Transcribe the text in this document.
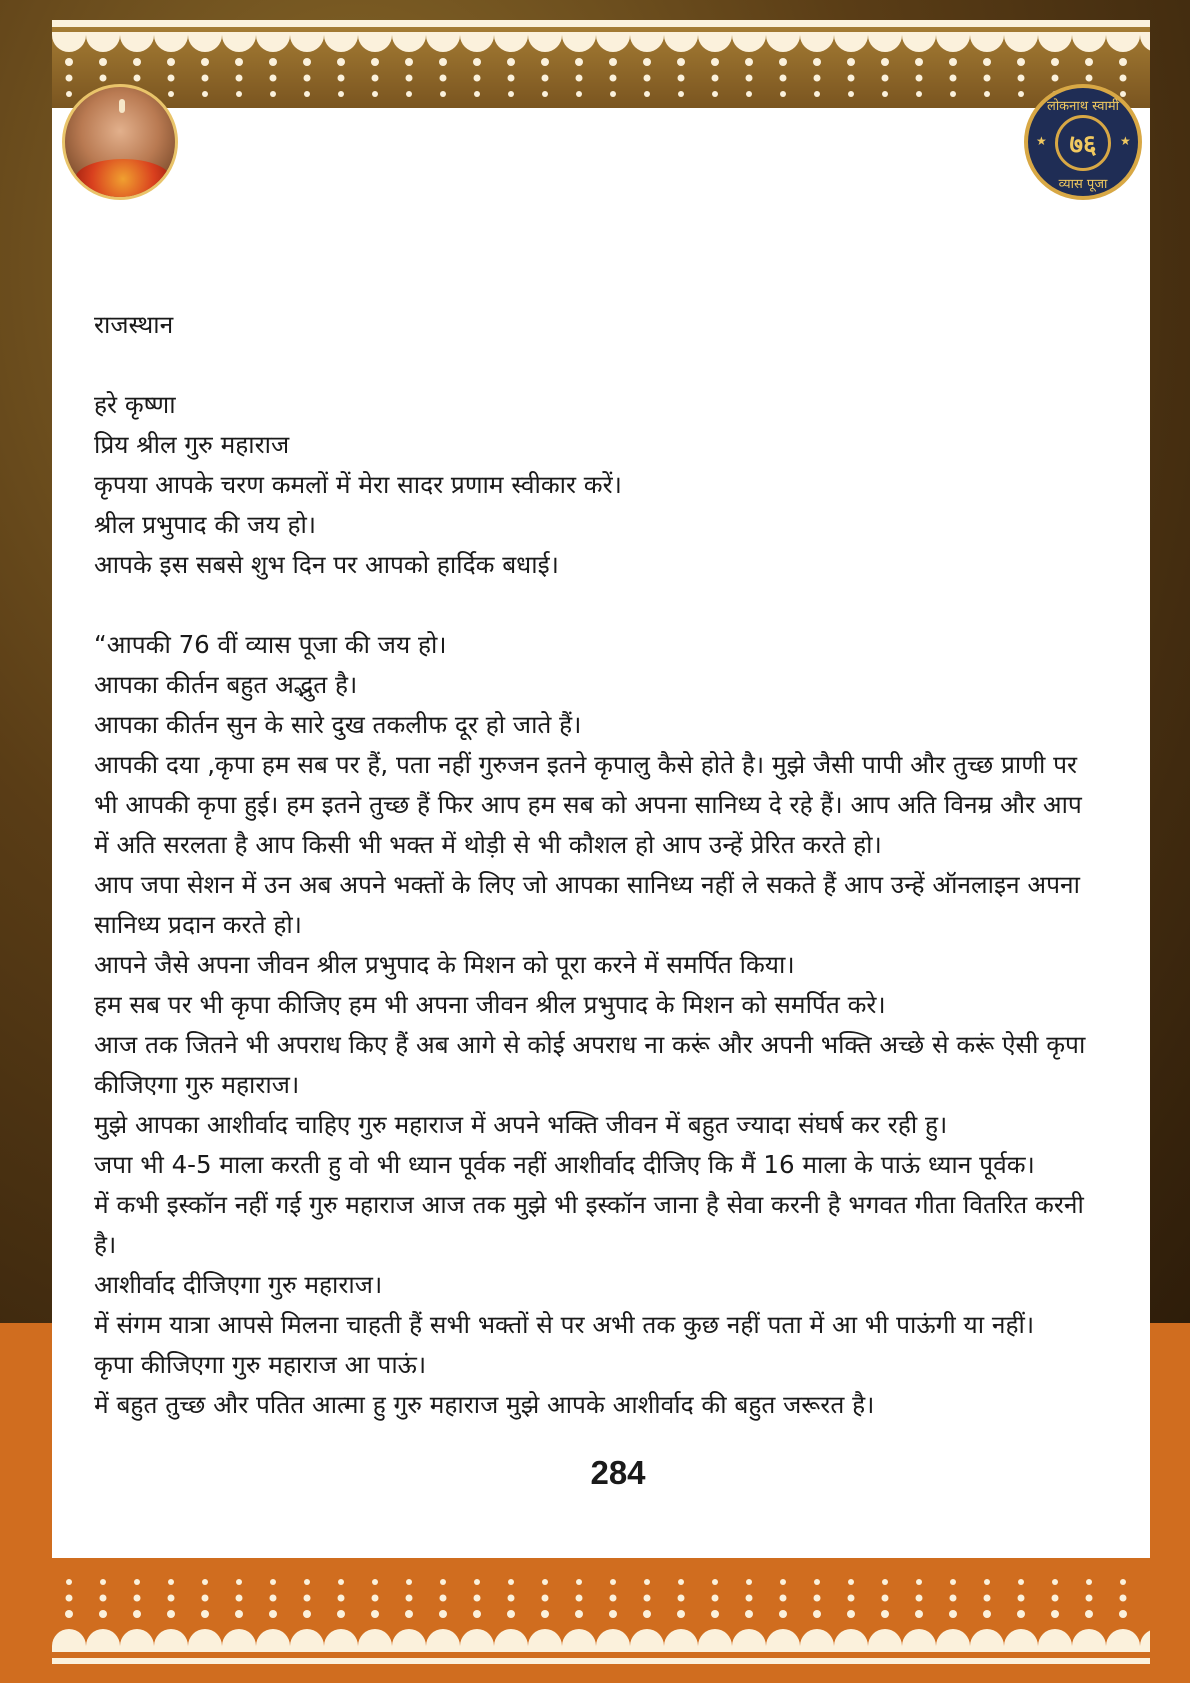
लोकनाथ स्वामी
★ ७६	★
व्यास पूजा

राजस्थान

हरे कृष्णा

प्रिय श्रील गुरु महाराज

कृपया आपके चरण कमलों में मेरा सादर प्रणाम स्वीकार करें।

श्रील प्रभुपाद की जय हो।

आपके इस सबसे शुभ दिन पर आपको हार्दिक बधाई।

“आपकी 76 वीं व्यास पूजा की जय हो।

आपका कीर्तन बहुत अद्भुत है।

आपका कीर्तन सुन के सारे दुख तकलीफ दूर हो जाते हैं।

आपकी दया ,कृपा हम सब पर हैं, पता नहीं गुरुजन इतने कृपालु कैसे होते है। मुझे जैसी पापी और तुच्छ प्राणी पर भी आपकी कृपा हुई। हम इतने तुच्छ हैं फिर आप हम सब को अपना सानिध्य दे रहे हैं। आप अति विनम्र और आप में अति सरलता है आप किसी भी भक्त में थोड़ी से भी कौशल हो आप उन्हें प्रेरित करते हो।

आप जपा सेशन में उन अब अपने भक्तों के लिए जो आपका सानिध्य नहीं ले सकते हैं आप उन्हें ऑनलाइन अपना सानिध्य प्रदान करते हो।

आपने जैसे अपना जीवन श्रील प्रभुपाद के मिशन को पूरा करने में समर्पित किया।

हम सब पर भी कृपा कीजिए हम भी अपना जीवन श्रील प्रभुपाद के मिशन को समर्पित करे।

आज तक जितने भी अपराध किए हैं अब आगे से कोई अपराध ना करूं और अपनी भक्ति अच्छे से करूं ऐसी कृपा कीजिएगा गुरु महाराज।

मुझे आपका आशीर्वाद चाहिए गुरु महाराज में अपने भक्ति जीवन में बहुत ज्यादा संघर्ष कर रही हु।

जपा भी 4-5 माला करती हु वो भी ध्यान पूर्वक नहीं आशीर्वाद दीजिए कि मैं 16 माला के पाऊं ध्यान पूर्वक।

में कभी इस्कॉन नहीं गई गुरु महाराज आज तक मुझे भी इस्कॉन जाना है सेवा करनी है भगवत गीता वितरित करनी है।

आशीर्वाद दीजिएगा गुरु महाराज।

में संगम यात्रा आपसे मिलना चाहती हैं सभी भक्तों से पर अभी तक कुछ नहीं पता में आ भी पाऊंगी या नहीं।

कृपा कीजिएगा गुरु महाराज आ पाऊं।

में बहुत तुच्छ और पतित आत्मा हु गुरु महाराज मुझे आपके आशीर्वाद की बहुत जरूरत है।

284
